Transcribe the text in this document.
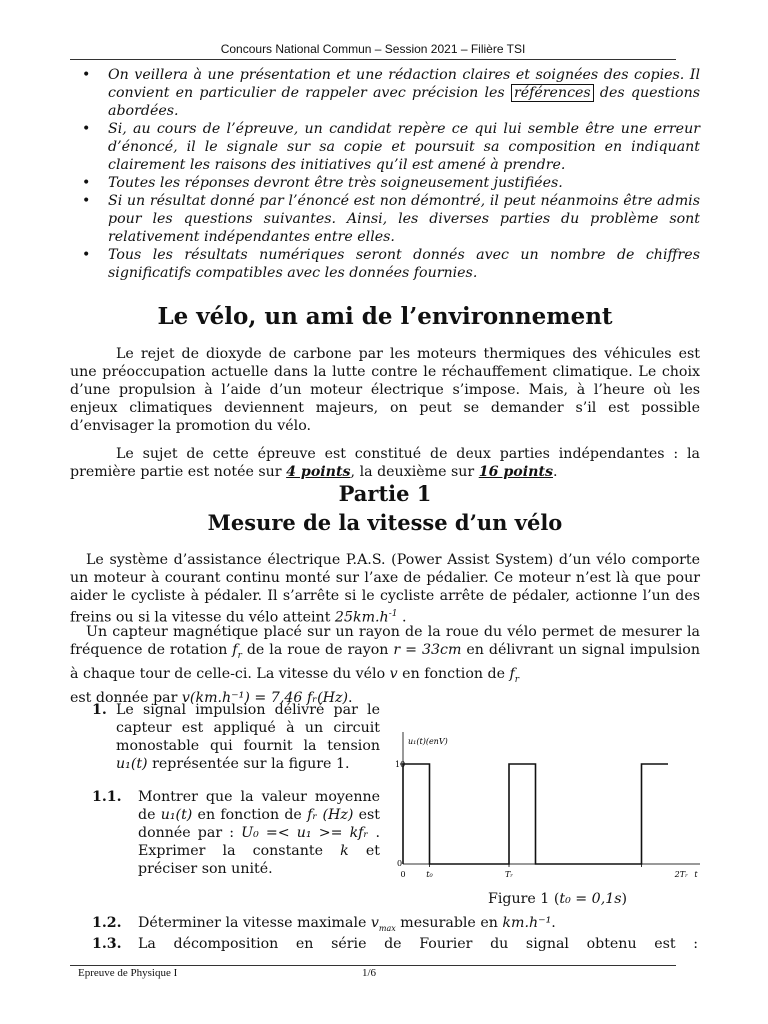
Concours National Commun – Session 2021 – Filière TSI
• On veillera à une présentation et une rédaction claires et soignées des copies. Il convient en particulier de rappeler avec précision les références des questions abordées.
• Si, au cours de l’épreuve, un candidat repère ce qui lui semble être une erreur d’énoncé, il le signale sur sa copie et poursuit sa composition en indiquant clairement les raisons des initiatives qu’il est amené à prendre.
• Toutes les réponses devront être très soigneusement justifiées.
• Si un résultat donné par l’énoncé est non démontré, il peut néanmoins être admis pour les questions suivantes. Ainsi, les diverses parties du problème sont relativement indépendantes entre elles.
• Tous les résultats numériques seront donnés avec un nombre de chiffres significatifs compatibles avec les données fournies.
Le vélo, un ami de l’environnement

Le rejet de dioxyde de carbone par les moteurs thermiques des véhicules est une préoccupation actuelle dans la lutte contre le réchauffement climatique. Le choix d’une propulsion à l’aide d’un moteur électrique s’impose. Mais, à l’heure où les enjeux climatiques deviennent majeurs, on peut se demander s’il est possible d’envisager la promotion du vélo.

Le sujet de cette épreuve est constitué de deux parties indépendantes : la première partie est notée sur 4 points, la deuxième sur 16 points.

Partie 1
Mesure de la vitesse d’un vélo

Le système d’assistance électrique P.A.S. (Power Assist System) d’un vélo comporte un moteur à courant continu monté sur l’axe de pédalier. Ce moteur n’est là que pour aider le cycliste à pédaler. Il s’arrête si le cycliste arrête de pédaler, actionne l’un des freins ou si la vitesse du vélo atteint $25km.h^{-1}$ .

Un capteur magnétique placé sur un rayon de la roue du vélo permet de mesurer la fréquence de rotation $f_r$ de la roue de rayon r = 33cm en délivrant un signal impulsion à chaque tour de celle-ci. La vitesse du vélo v en fonction de $f_r$
est donnée par v(km.h⁻¹) = 7,46 fᵣ(Hz).

1. Le signal impulsion délivré par le capteur est appliqué à un circuit monostable qui fournit la tension u₁(t) représentée sur la figure 1.
1.1. Montrer que la valeur moyenne de u₁(t) en fonction de fᵣ (Hz) est donnée par : U₀ =< u₁ >= kfᵣ . Exprimer la constante k et préciser son unité.
u₁(t)(enV)
10
0
0	t₀	Tᵣ	2Tᵣ t
Figure 1 (t₀ = 0,1s)
1.2. Déterminer la vitesse maximale $v_{max}$ mesurable en km.h⁻¹.
1.3. La décomposition en série de Fourier du signal obtenu est :
Epreuve de Physique I	1/6
